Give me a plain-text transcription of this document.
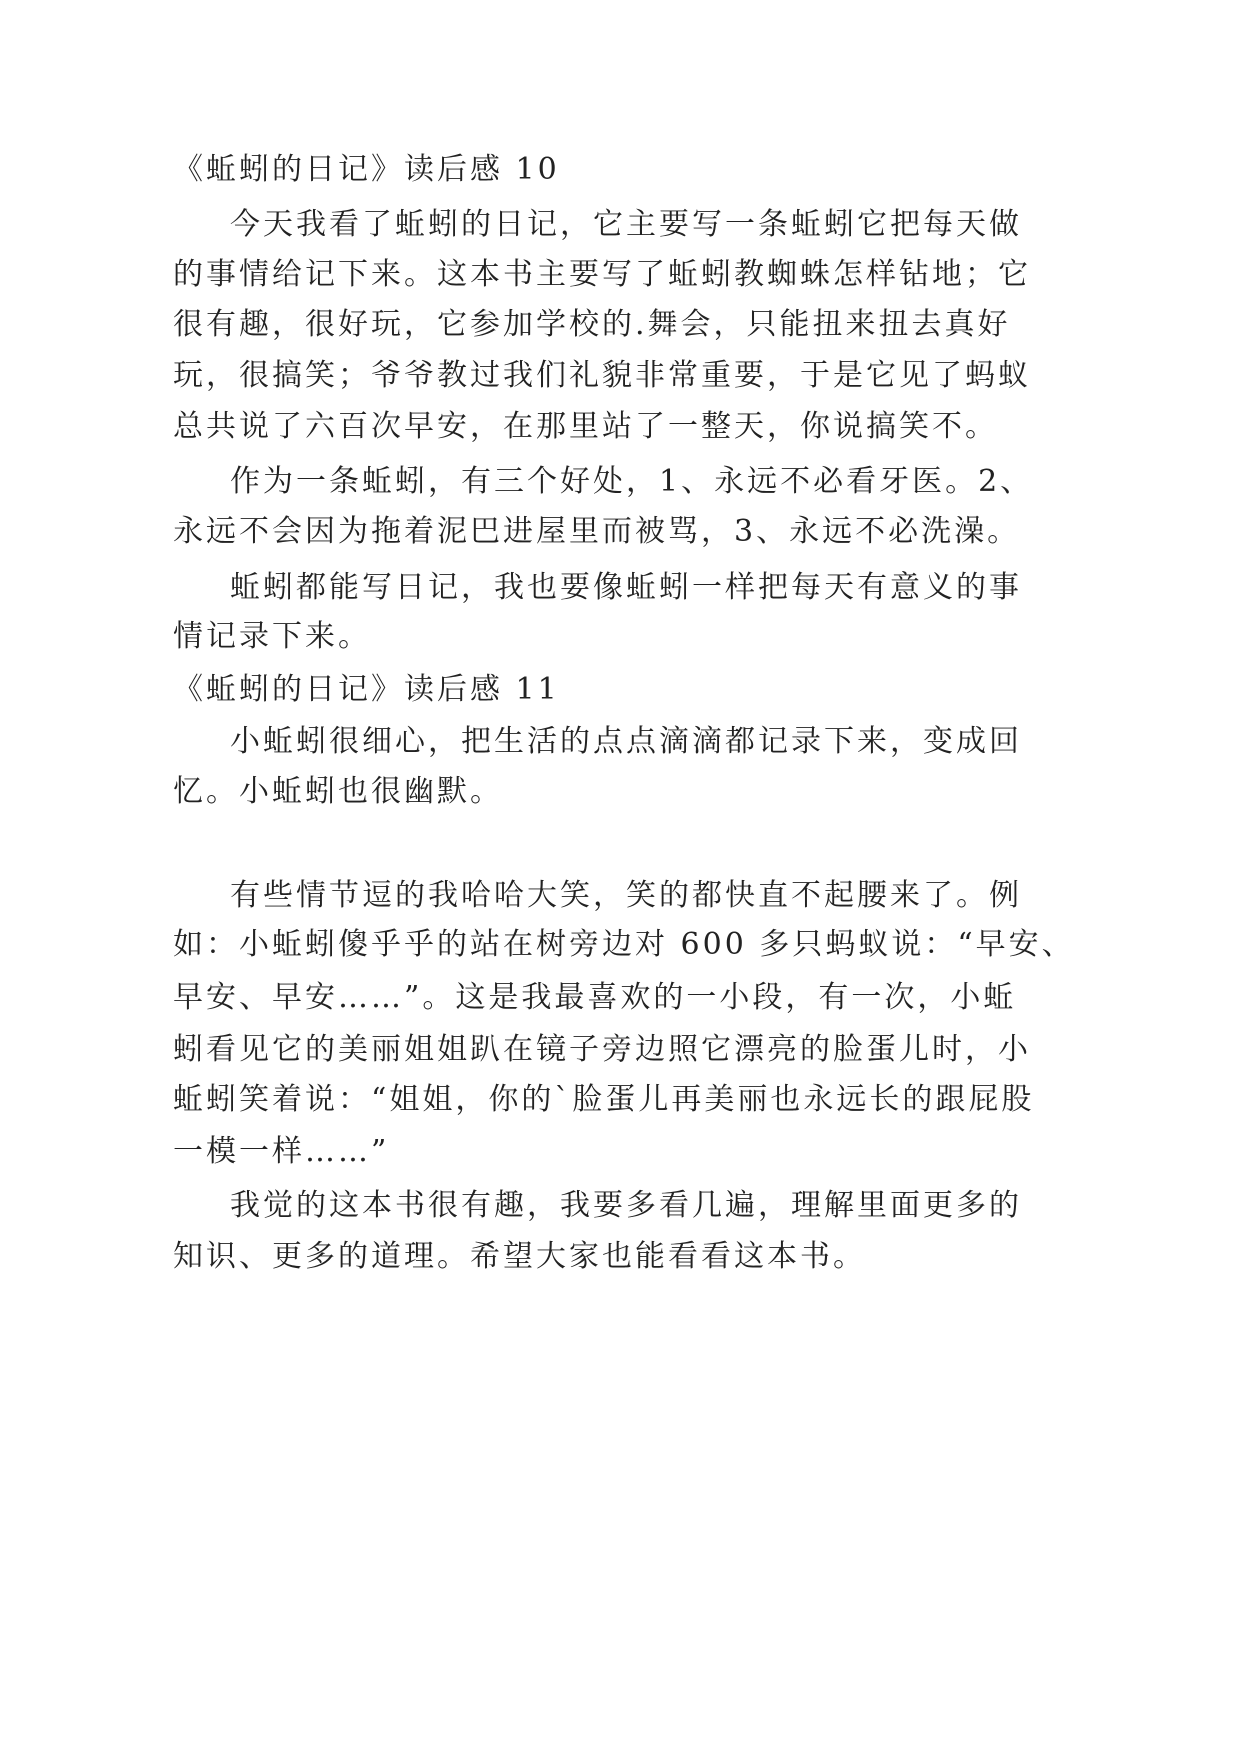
《蚯蚓的日记》读后感 10
今天我看了蚯蚓的日记，它主要写一条蚯蚓它把每天做
的事情给记下来。这本书主要写了蚯蚓教蜘蛛怎样钻地；它
很有趣，很好玩，它参加学校的.舞会，只能扭来扭去真好
玩，很搞笑；爷爷教过我们礼貌非常重要，于是它见了蚂蚁
总共说了六百次早安，在那里站了一整天，你说搞笑不。
作为一条蚯蚓，有三个好处，1、永远不必看牙医。2、
永远不会因为拖着泥巴进屋里而被骂，3、永远不必洗澡。
蚯蚓都能写日记，我也要像蚯蚓一样把每天有意义的事
情记录下来。
《蚯蚓的日记》读后感 11
小蚯蚓很细心，把生活的点点滴滴都记录下来，变成回
忆。小蚯蚓也很幽默。
有些情节逗的我哈哈大笑，笑的都快直不起腰来了。例
如：小蚯蚓傻乎乎的站在树旁边对 600 多只蚂蚁说：“早安、
早安、早安……”。这是我最喜欢的一小段，有一次，小蚯
蚓看见它的美丽姐姐趴在镜子旁边照它漂亮的脸蛋儿时，小
蚯蚓笑着说：“姐姐，你的`脸蛋儿再美丽也永远长的跟屁股
一模一样……”
我觉的这本书很有趣，我要多看几遍，理解里面更多的
知识、更多的道理。希望大家也能看看这本书。
